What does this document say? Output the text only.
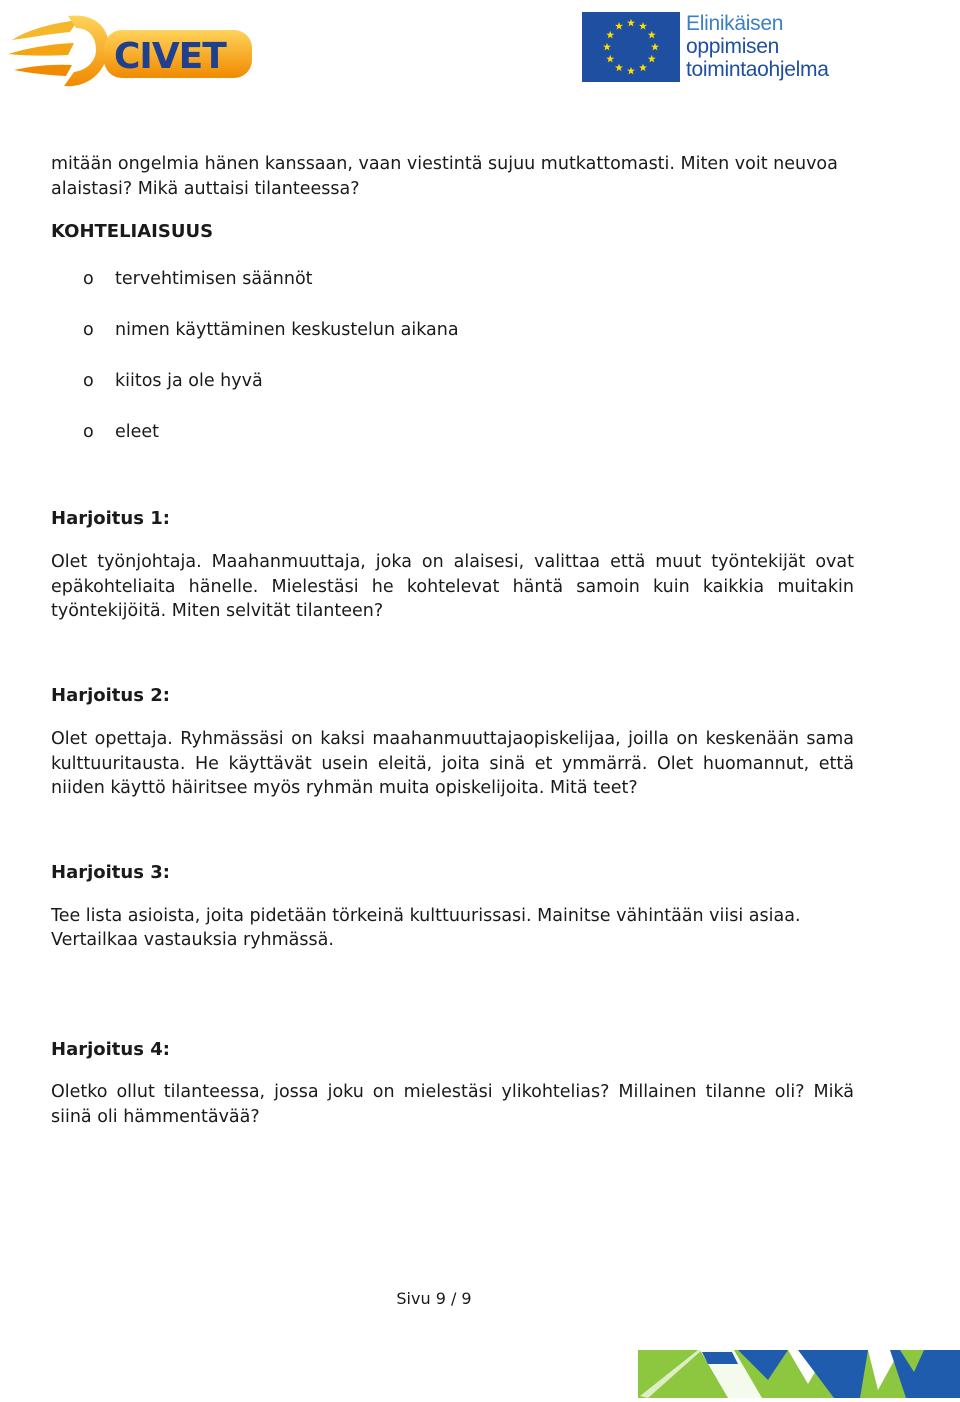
CIVET
Elinikäisen
oppimisen
toimintaohjelma

mitään ongelmia hänen kanssaan, vaan viestintä sujuu mutkattomasti. Miten voit neuvoa alaistasi? Mikä auttaisi tilanteessa?

KOHTELIAISUUS

o tervehtimisen säännöt
o nimen käyttäminen keskustelun aikana
o kiitos ja ole hyvä
o eleet

Harjoitus 1:

Olet työnjohtaja. Maahanmuuttaja, joka on alaisesi, valittaa että muut työntekijät ovat epäkohteliaita hänelle. Mielestäsi he kohtelevat häntä samoin kuin kaikkia muitakin työntekijöitä. Miten selvität tilanteen?

Harjoitus 2:

Olet opettaja. Ryhmässäsi on kaksi maahanmuuttajaopiskelijaa, joilla on keskenään sama kulttuuritausta. He käyttävät usein eleitä, joita sinä et ymmärrä. Olet huomannut, että niiden käyttö häiritsee myös ryhmän muita opiskelijoita. Mitä teet?

Harjoitus 3:

Tee lista asioista, joita pidetään törkeinä kulttuurissasi. Mainitse vähintään viisi asiaa.

Vertailkaa vastauksia ryhmässä.

Harjoitus 4:

Oletko ollut tilanteessa, jossa joku on mielestäsi ylikohtelias? Millainen tilanne oli? Mikä siinä oli hämmentävää?

Sivu 9 / 9
